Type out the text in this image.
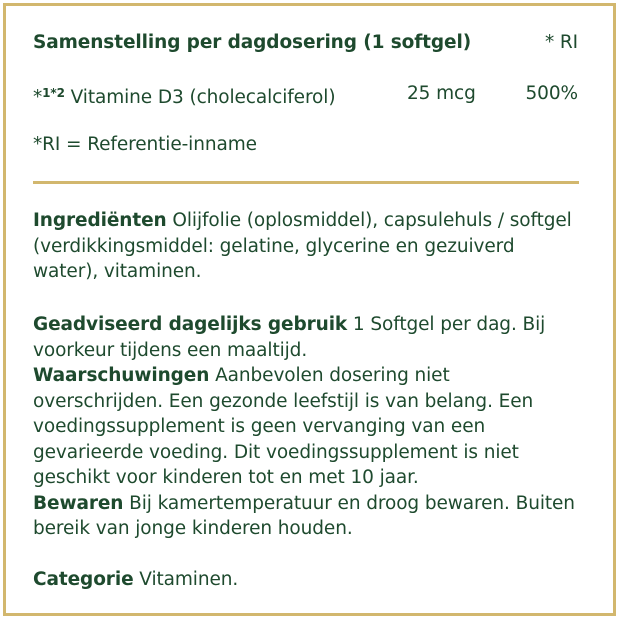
Samenstelling per dagdosering (1 softgel)	* RI
*$^{1*2}$ Vitamine D3 (cholecalciferol)	25 mcg	500%
*RI = Referentie-inname
Ingrediënten Olijfolie (oplosmiddel), capsulehuls / softgel (verdikkingsmiddel: gelatine, glycerine en gezuiverd water), vitaminen.
Geadviseerd dagelijks gebruik 1 Softgel per dag. Bij voorkeur tijdens een maaltijd.
Waarschuwingen Aanbevolen dosering niet overschrijden. Een gezonde leefstijl is van belang. Een voedingssupplement is geen vervanging van een gevarieerde voeding. Dit voedingssupplement is niet geschikt voor kinderen tot en met 10 jaar.
Bewaren Bij kamertemperatuur en droog bewaren. Buiten bereik van jonge kinderen houden.
Categorie Vitaminen.
